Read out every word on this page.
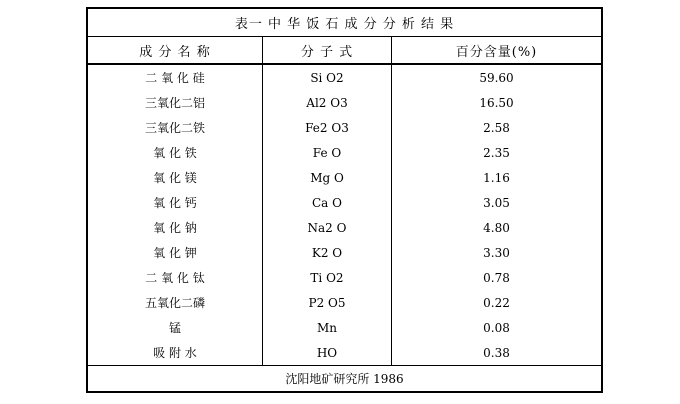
表一 中 华 饭 石 成 分 分 析 结 果
成 分 名 称	分 子 式	百分含量(%)
二 氧 化 硅	Si O2	59.60
三氧化二铝	Al2 O3	16.50
三氧化二铁	Fe2 O3	2.58
氧 化 铁	Fe O	2.35
氧 化 镁	Mg O	1.16
氧 化 钙	Ca O	3.05
氧 化 钠	Na2 O	4.80
氧 化 钾	K2 O	3.30
二 氧 化 钛	Ti O2	0.78
五氧化二磷	P2 O5	0.22
锰	Mn	0.08
吸 附 水	HO	0.38
沈阳地矿研究所 1986
